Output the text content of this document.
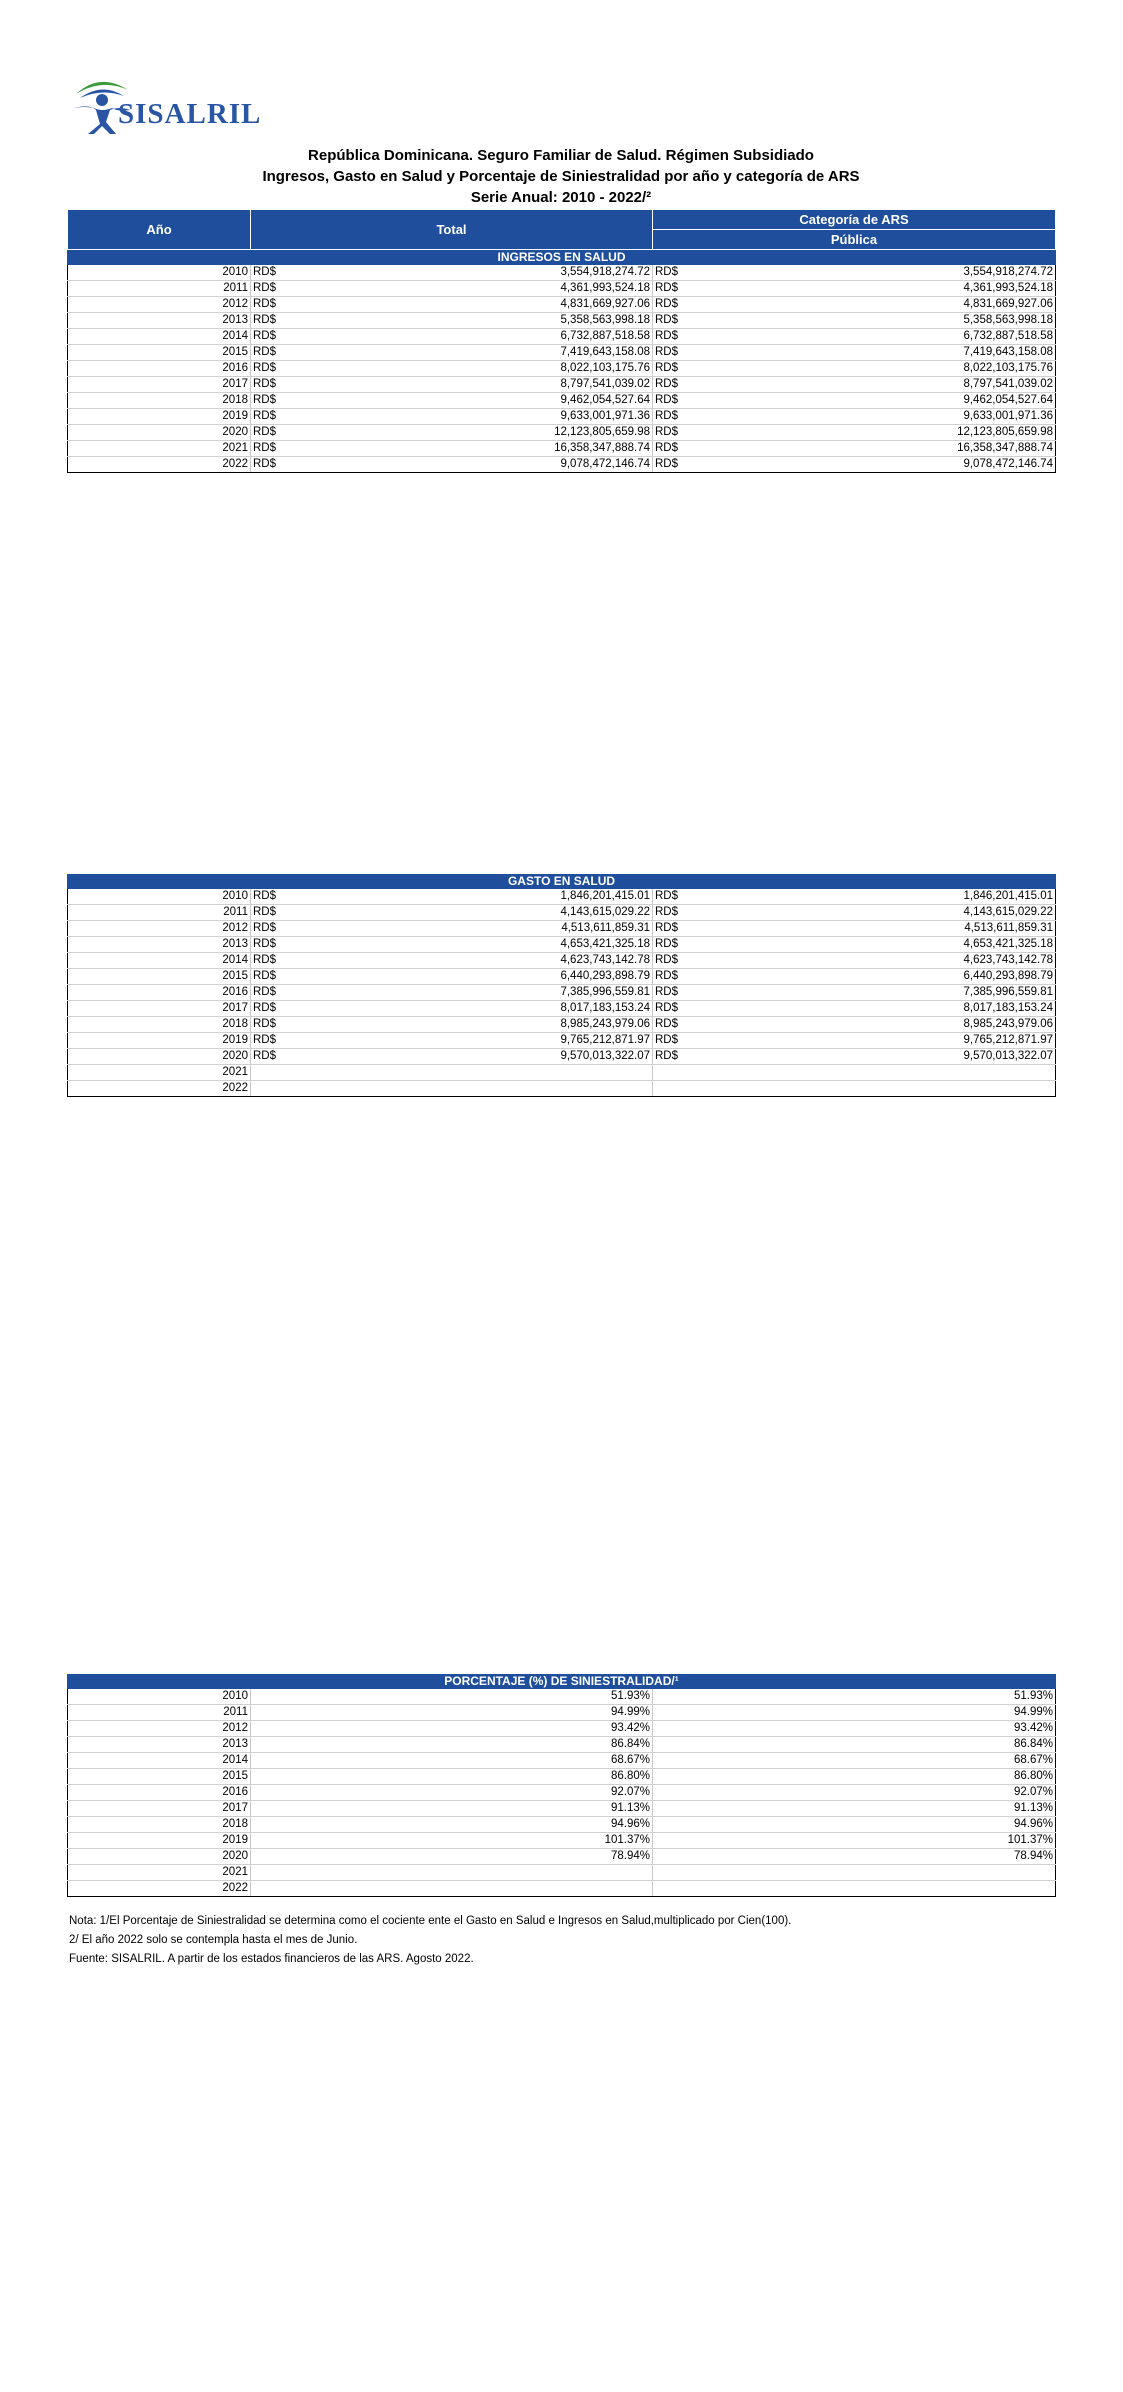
SISALRIL
República Dominicana. Seguro Familiar de Salud. Régimen Subsidiado
Ingresos, Gasto en Salud y Porcentaje de Siniestralidad por año y categoría de ARS
Serie Anual: 2010 - 2022/²
Año	Total	Categoría de ARS
		Pública
INGRESOS EN SALUD		
2010	RD$ 3,554,918,274.72	RD$ 3,554,918,274.72

2011	RD$ 4,361,993,524.18	RD$ 4,361,993,524.18

2012	RD$ 4,831,669,927.06	RD$ 4,831,669,927.06

2013	RD$ 5,358,563,998.18	RD$ 5,358,563,998.18

2014	RD$ 6,732,887,518.58	RD$ 6,732,887,518.58

2015	RD$ 7,419,643,158.08	RD$ 7,419,643,158.08

2016	RD$ 8,022,103,175.76	RD$ 8,022,103,175.76

2017	RD$ 8,797,541,039.02	RD$ 8,797,541,039.02

2018	RD$ 9,462,054,527.64	RD$ 9,462,054,527.64

2019	RD$ 9,633,001,971.36	RD$ 9,633,001,971.36

2020	RD$ 12,123,805,659.98	RD$ 12,123,805,659.98

2021	RD$ 16,358,347,888.74	RD$ 16,358,347,888.74

2022	RD$ 9,078,472,146.74	RD$ 9,078,472,146.74
GASTO EN SALUD		
2010	RD$ 1,846,201,415.01	RD$ 1,846,201,415.01

2011	RD$ 4,143,615,029.22	RD$ 4,143,615,029.22

2012	RD$ 4,513,611,859.31	RD$ 4,513,611,859.31

2013	RD$ 4,653,421,325.18	RD$ 4,653,421,325.18

2014	RD$ 4,623,743,142.78	RD$ 4,623,743,142.78

2015	RD$ 6,440,293,898.79	RD$ 6,440,293,898.79

2016	RD$ 7,385,996,559.81	RD$ 7,385,996,559.81

2017	RD$ 8,017,183,153.24	RD$ 8,017,183,153.24

2018	RD$ 8,985,243,979.06	RD$ 8,985,243,979.06

2019	RD$ 9,765,212,871.97	RD$ 9,765,212,871.97

2020	RD$ 9,570,013,322.07	RD$ 9,570,013,322.07

2021	

2022	

PORCENTAJE (%) DE SINIESTRALIDAD/¹		
2010	51.93%	51.93%

2011	94.99%	94.99%

2012	93.42%	93.42%

2013	86.84%	86.84%

2014	68.67%	68.67%

2015	86.80%	86.80%

2016	92.07%	92.07%

2017	91.13%	91.13%

2018	94.96%	94.96%

2019	101.37%	101.37%

2020	78.94%	78.94%

2021	

2022	

Nota: 1/El Porcentaje de Siniestralidad se determina como el cociente ente el Gasto en Salud e Ingresos en Salud,multiplicado por Cien(100).
2/ El año 2022 solo se contempla hasta el mes de Junio.
Fuente: SISALRIL. A partir de los estados financieros de las ARS. Agosto 2022.
